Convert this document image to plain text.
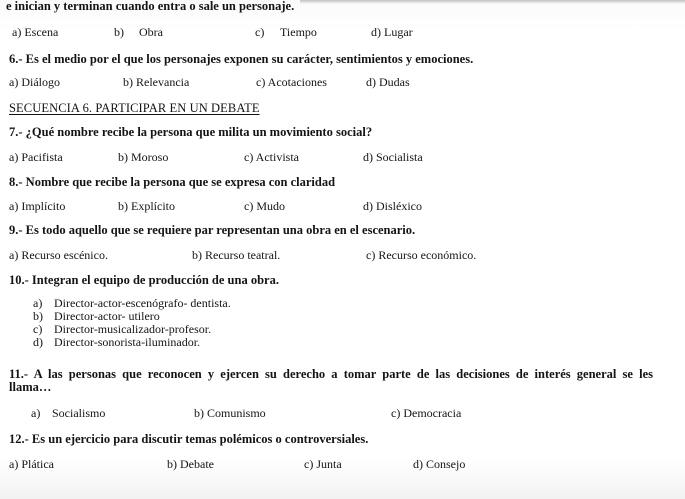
e inician y terminan cuando entra o sale un personaje.
a) Escena	b) Obra	c) Tiempo	d) Lugar
6.- Es el medio por el que los personajes exponen su carácter, sentimientos y emociones.
a) Diálogo	b) Relevancia	c) Acotaciones	d) Dudas
SECUENCIA 6. PARTICIPAR EN UN DEBATE
7.- ¿Qué nombre recibe la persona que milita un movimiento social?
a) Pacifista	b) Moroso	c) Activista	d) Socialista
8.- Nombre que recibe la persona que se expresa con claridad
a) Implícito	b) Explícito	c) Mudo	d) Disléxico
9.- Es todo aquello que se requiere par representan una obra en el escenario.
a) Recurso escénico.	b) Recurso teatral.	c) Recurso económico.
10.- Integran el equipo de producción de una obra.
a) Director-actor-escenógrafo- dentista.
b) Director-actor- utilero
c) Director-musicalizador-profesor.
d) Director-sonorista-iluminador.
11.- A las personas que reconocen y ejercen su derecho a tomar parte de las decisiones de interés general se les
llama…
a) Socialismo	b) Comunismo	c) Democracia
12.- Es un ejercicio para discutir temas polémicos o controversiales.
a) Plática	b) Debate	c) Junta	d) Consejo
